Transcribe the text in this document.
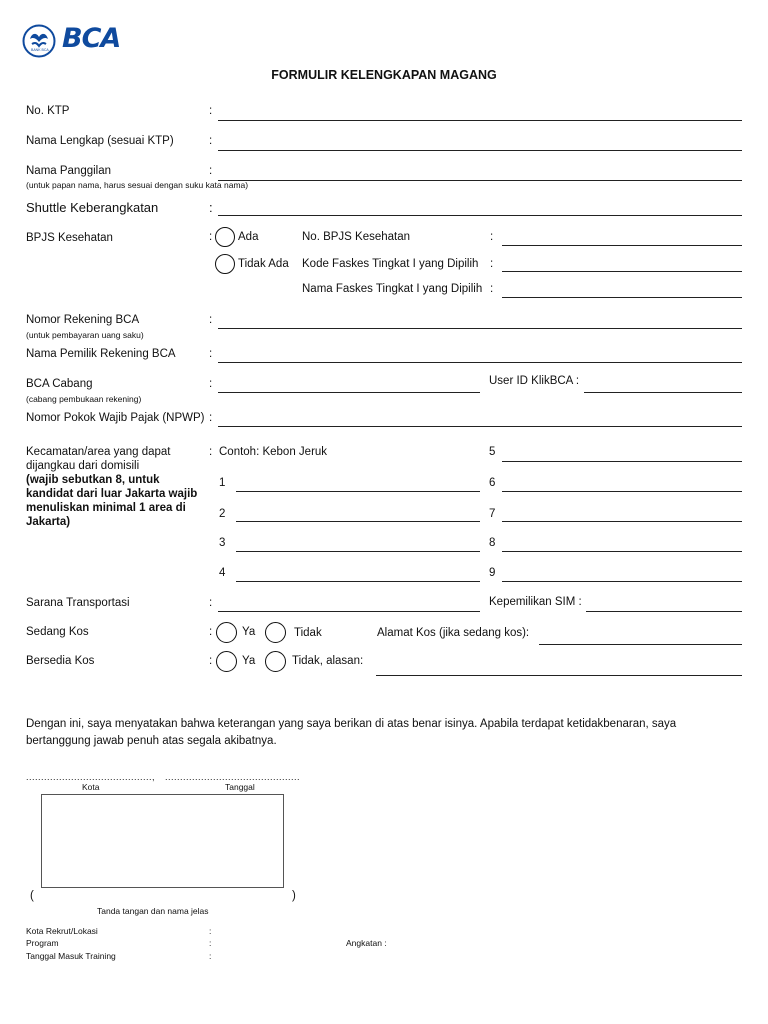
BANK BCA BCA
FORMULIR KELENGKAPAN MAGANG
No. KTP	:
Nama Lengkap (sesuai KTP)	:
Nama Panggilan
(untuk papan nama, harus sesuai dengan suku kata nama)
:
Shuttle Keberangkatan	:
BPJS Kesehatan	: Ada
Tidak Ada
No. BPJS Kesehatan	:
Kode Faskes Tingkat I yang Dipilih :
Nama Faskes Tingkat I yang Dipilih :
Nomor Rekening BCA
(untuk pembayaran uang saku)
:
Nama Pemilik Rekening BCA	:
BCA Cabang
(cabang pembukaan rekening)
:	User ID KlikBCA :
Nomor Pokok Wajib Pajak (NPWP) :
Kecamatan/area yang dapat
dijangkau dari domisili
(wajib sebutkan 8, untuk
kandidat dari luar Jakarta wajib
menuliskan minimal 1 area di
Jakarta)
: Contoh: Kebon Jeruk
1
2
3
4
5
6
7
8
9
Sarana Transportasi	:	Kepemilikan SIM :
Sedang Kos	:	Ya	Tidak	Alamat Kos (jika sedang kos):
Bersedia Kos	:	Ya	Tidak, alasan:
Dengan ini, saya menyatakan bahwa keterangan yang saya berikan di atas benar isinya. Apabila terdapat ketidakbenaran, saya
bertanggung jawab penuh atas segala akibatnya.
..........................................,	.............................................
Kota	Tanggal
(	)
Tanda tangan dan nama jelas
Kota Rekrut/Lokasi	:
Program	:	Angkatan :
Tanggal Masuk Training	:
